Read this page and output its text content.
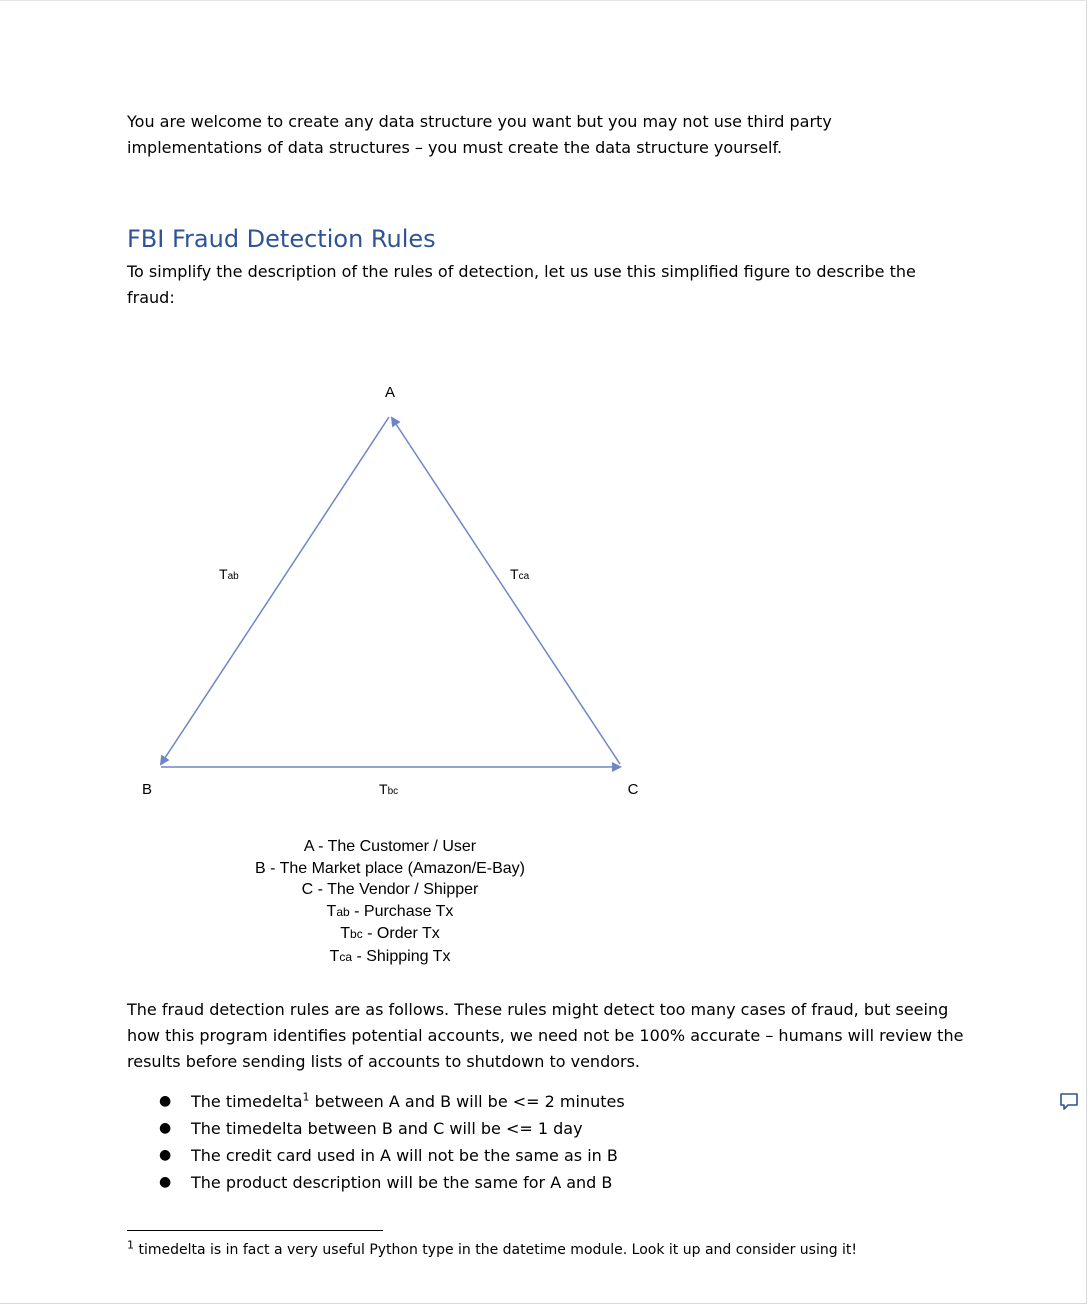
You are welcome to create any data structure you want but you may not use third party implementations of data structures – you must create the data structure yourself.

FBI Fraud Detection Rules

To simplify the description of the rules of detection, let us use this simplified figure to describe the fraud:

A
B	C
Tab	Tca
Tbc
A - The Customer / User
B - The Market place (Amazon/E-Bay)
C - The Vendor / Shipper
Tab - Purchase Tx
Tbc - Order Tx
Tca - Shipping Tx

The fraud detection rules are as follows. These rules might detect too many cases of fraud, but seeing how this program identifies potential accounts, we need not be 100% accurate – humans will review the results before sending lists of accounts to shutdown to vendors.

● The timedelta$^1$ between A and B will be <= 2 minutes
● The timedelta between B and C will be <= 1 day
● The credit card used in A will not be the same as in B
● The product description will be the same for A and B

$^1$ timedelta is in fact a very useful Python type in the datetime module. Look it up and consider using it!
